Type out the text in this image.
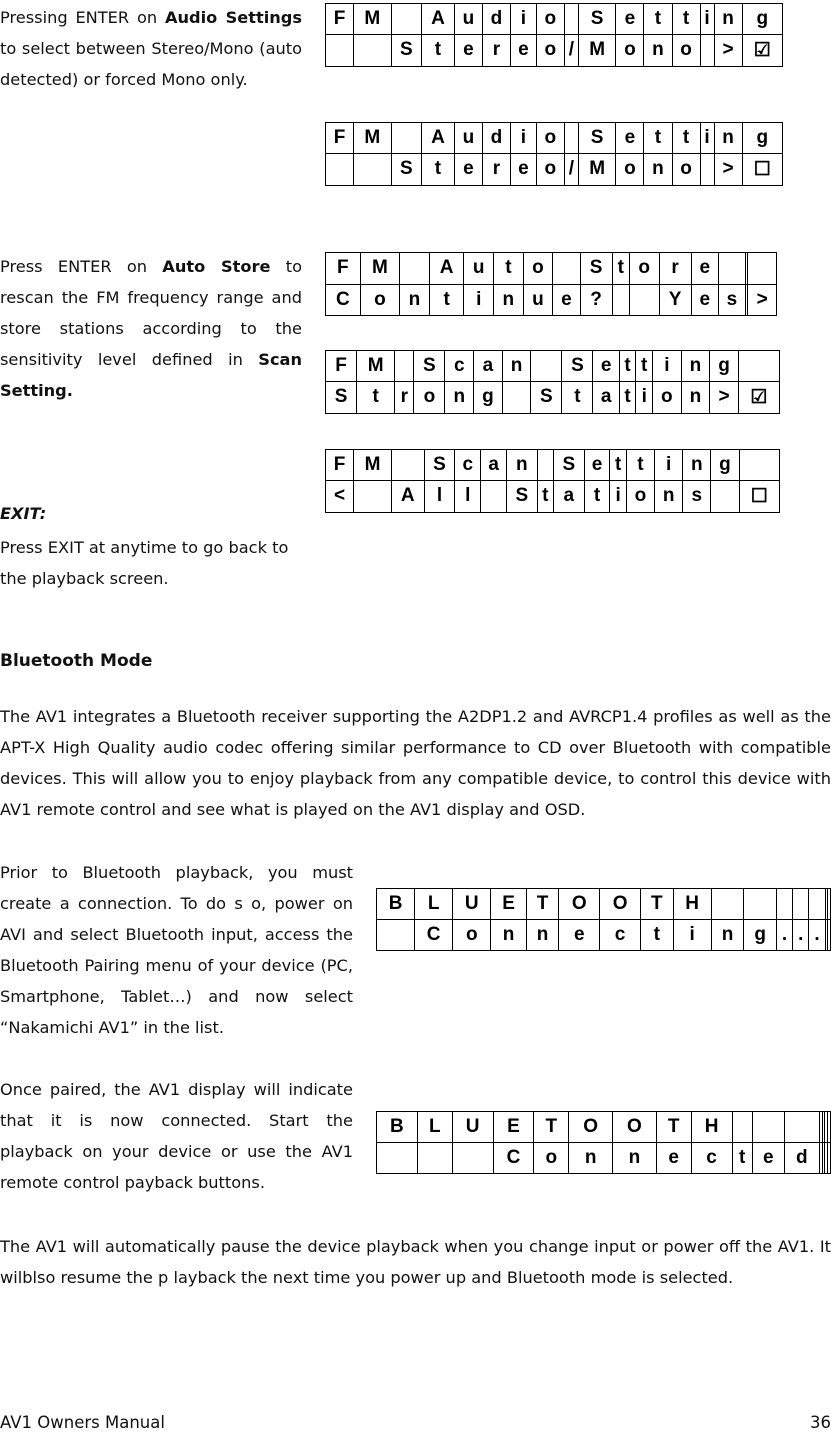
Pressing ENTER on Audio Settings to select between Stereo/Mono (auto detected) or forced Mono only.
F	M		A	u	d	i	o		S	e	t	t	i	n	g
		S	t	e	r	e	o	/	M	o	n	o		>	☑
F	M		A	u	d	i	o		S	e	t	t	i	n	g
		S	t	e	r	e	o	/	M	o	n	o		>	☐
Press ENTER on Auto Store to rescan the FM frequency range and store stations according to the sensitivity level defined in Scan Setting.
F	M		A	u	t	o		S	t	o	r	e			
C	o	n	t	i	n	u	e	?			Y	e	s		>
F	M		S	c	a	n		S	e	t	t	i	n	g	
S	t	r	o	n	g		S	t	a	t	i	o	n	>	☑
F	M		S	c	a	n		S	e	t	t	i	n	g	
<		A	l	l		S	t	a	t	i	o	n	s		☐
EXIT:
Press EXIT at anytime to go back to the playback screen.
Bluetooth Mode
The AV1 integrates a Bluetooth receiver supporting the A2DP1.2 and AVRCP1.4 profiles as well as the APT-X High Quality audio codec offering similar performance to CD over Bluetooth with compatible devices. This will allow you to enjoy playback from any compatible device, to control this device with AV1 remote control and see what is played on the AV1 display and OSD.
Prior to Bluetooth playback, you must create a connection. To do s o, power on AVI and select Bluetooth input, access the Bluetooth Pairing menu of your device (PC, Smartphone, Tablet…) and now select “Nakamichi AV1” in the list.
B	L	U	E	T	O	O	T	H							
	C	o	n	n	e	c	t	i	n	g	.	.	.		
Once paired, the AV1 display will indicate that it is now connected. Start the playback on your device or use the AV1 remote control payback buttons.
B	L	U	E	T	O	O	T	H							
			C	o	n	n	e	c	t	e	d				
The AV1 will automatically pause the device playback when you change input or power off the AV1. It wilblso resume the p layback the next time you power up and Bluetooth mode is selected.
AV1 Owners Manual	36
